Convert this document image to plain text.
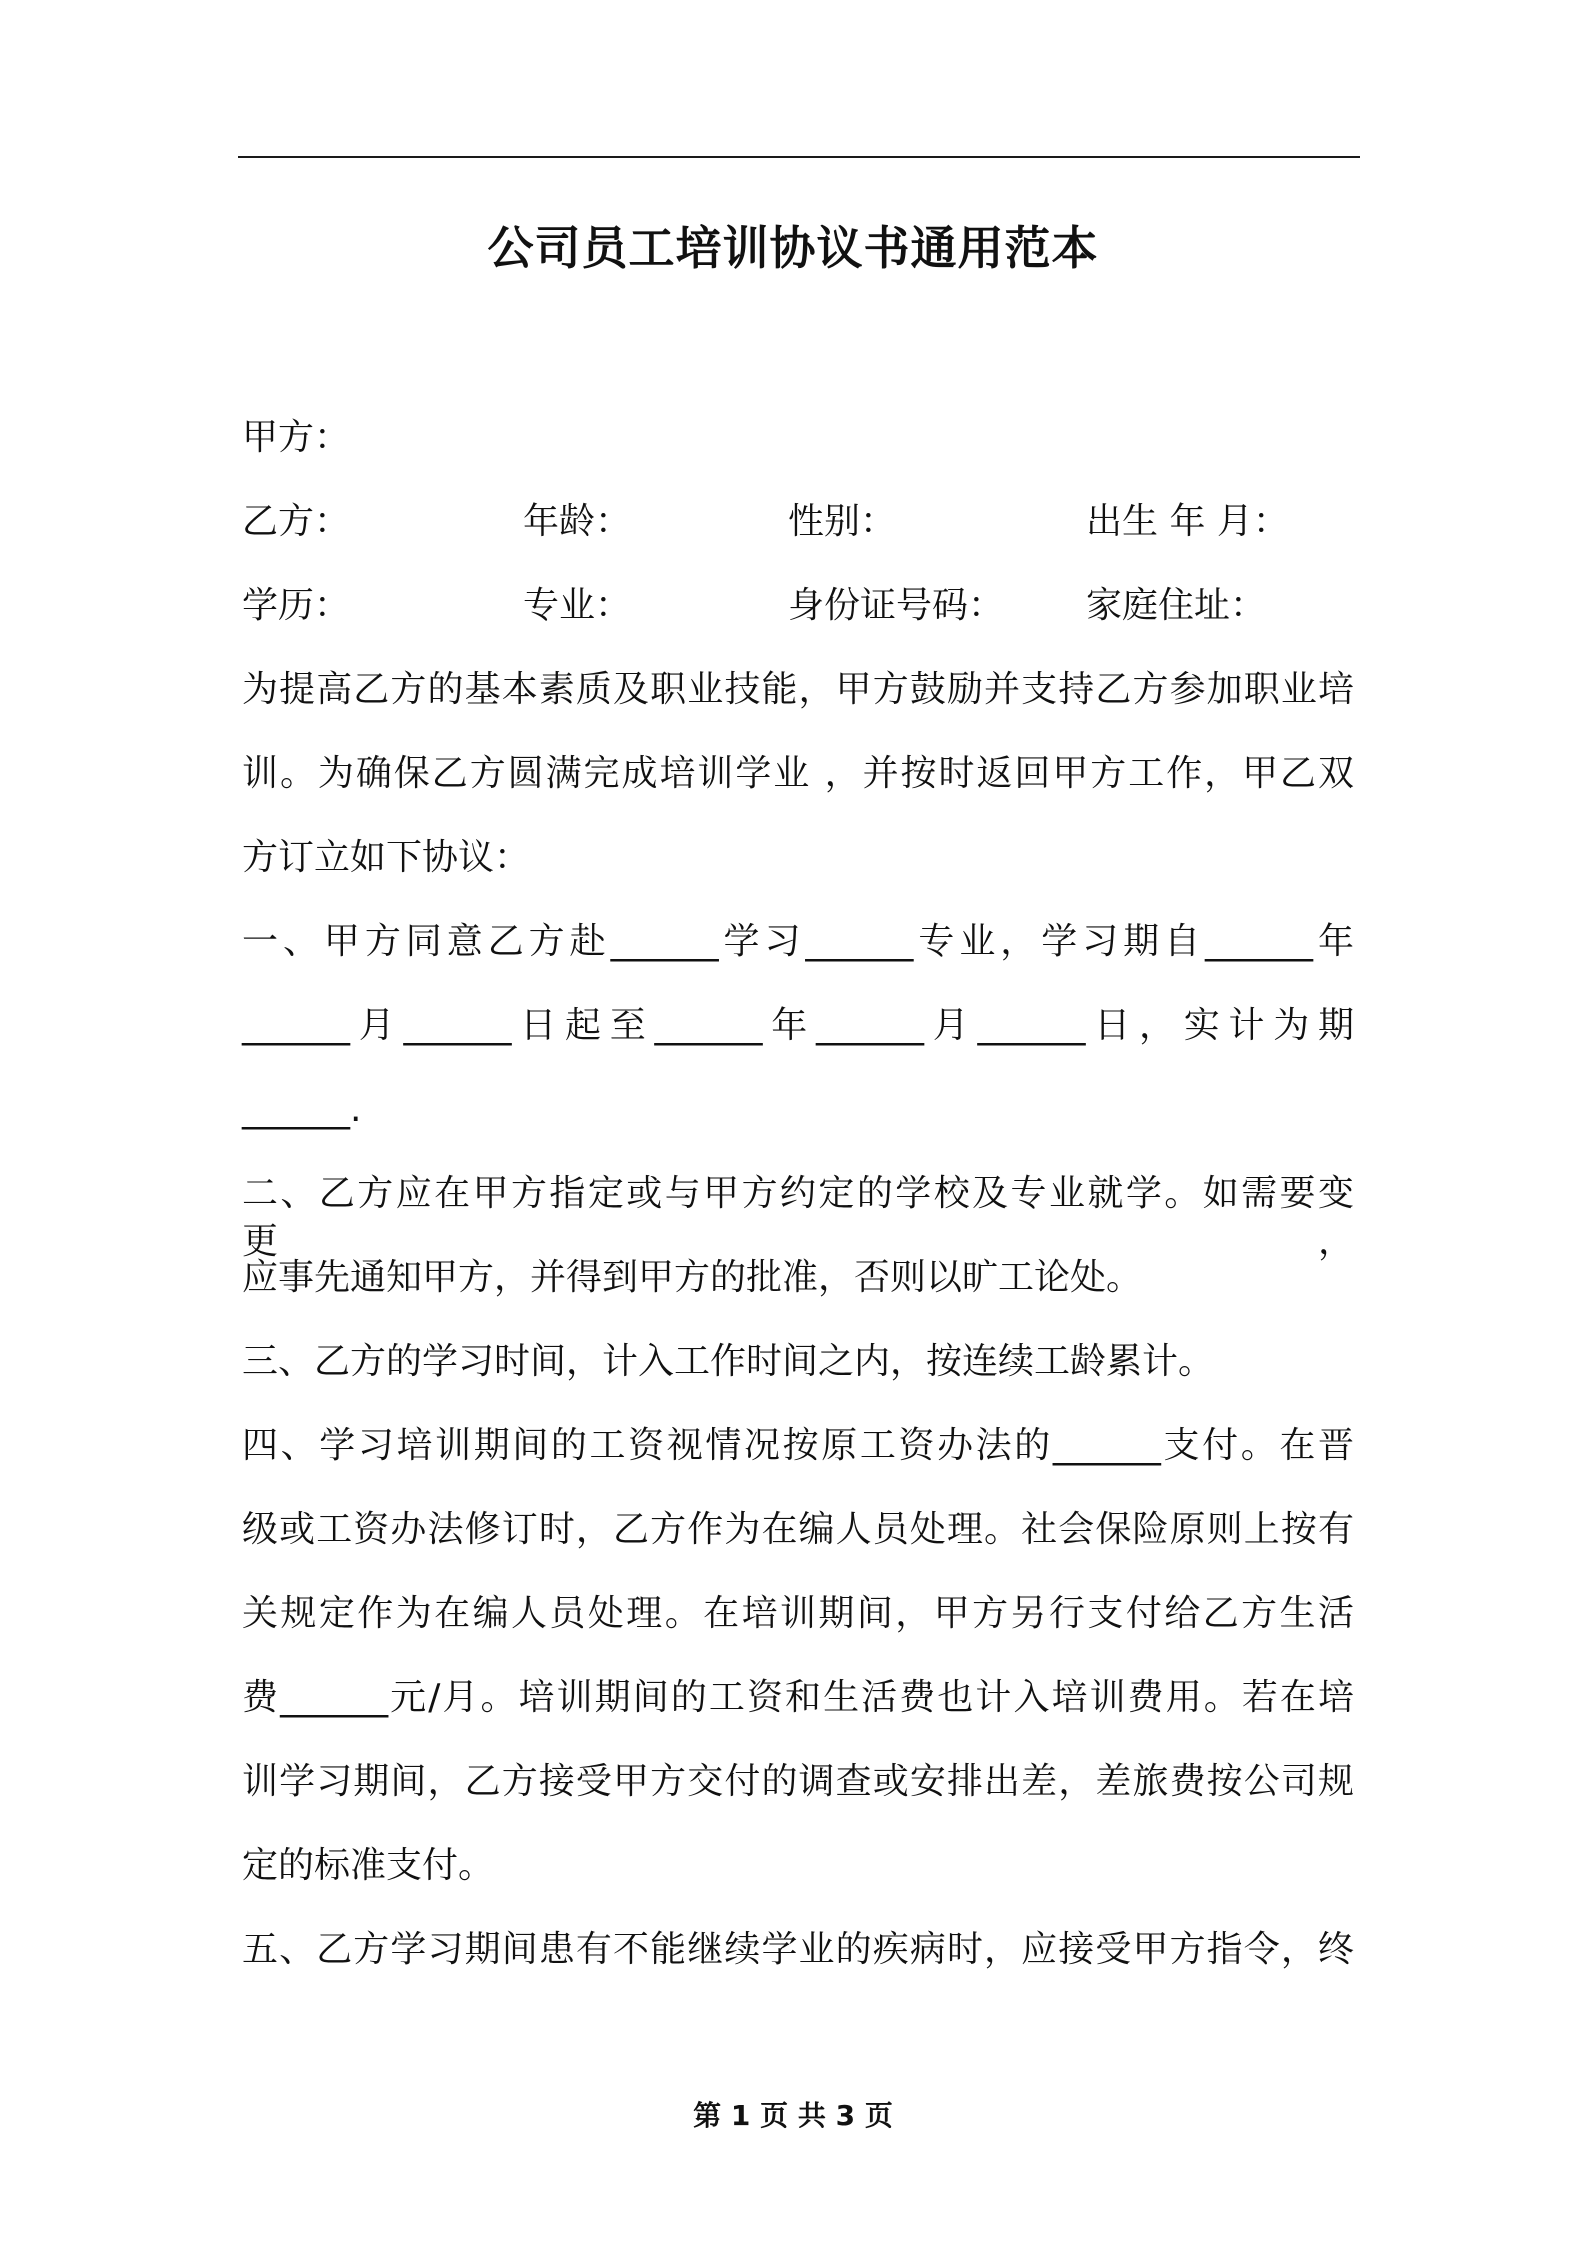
公司员工培训协议书通用范本
甲方：
乙方：	年龄：	性别：	出生 年 月：
学历：	专业：	身份证号码： 家庭住址：
为提高乙方的基本素质及职业技能，甲方鼓励并支持乙方参加职业培
训。为确保乙方圆满完成培训学业 ，并按时返回甲方工作，甲乙双
方订立如下协议：
一、甲方同意乙方赴______学习______专业，学习期自______年
______月______日起至______年______月______日，实计为期
______.
二、乙方应在甲方指定或与甲方约定的学校及专业就学。如需要变更，
应事先通知甲方，并得到甲方的批准，否则以旷工论处。
三、乙方的学习时间，计入工作时间之内，按连续工龄累计。
四、学习培训期间的工资视情况按原工资办法的______支付。在晋
级或工资办法修订时，乙方作为在编人员处理。社会保险原则上按有
关规定作为在编人员处理。在培训期间，甲方另行支付给乙方生活
费______元/月。培训期间的工资和生活费也计入培训费用。若在培
训学习期间，乙方接受甲方交付的调查或安排出差，差旅费按公司规
定的标准支付。
五、乙方学习期间患有不能继续学业的疾病时，应接受甲方指令，终
第 1 页 共 3 页
